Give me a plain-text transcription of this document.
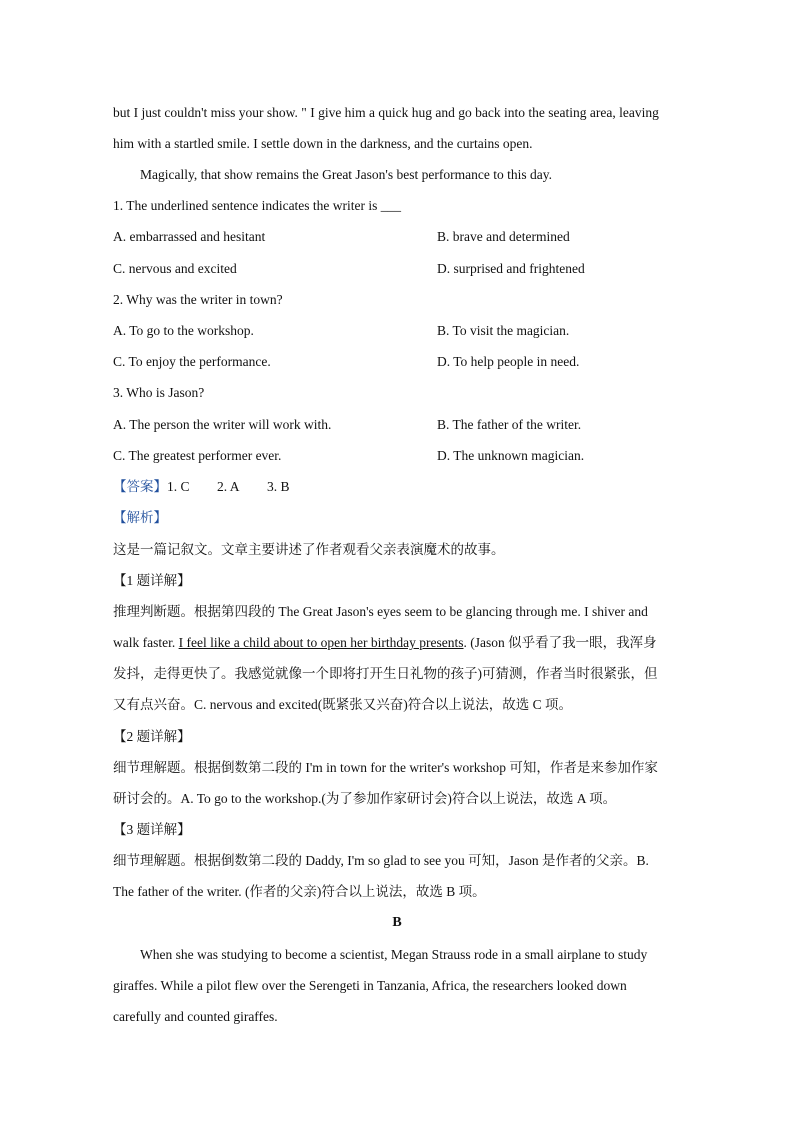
but I just couldn't miss your show. " I give him a quick hug and go back into the seating area, leaving
him with a startled smile. I settle down in the darkness, and the curtains open.
Magically, that show remains the Great Jason's best performance to this day.
1. The underlined sentence indicates the writer is ___
A. embarrassed and hesitant	B. brave and determined
C. nervous and excited	D. surprised and frightened
2. Why was the writer in town?
A. To go to the workshop.	B. To visit the magician.
C. To enjoy the performance.	D. To help people in need.
3. Who is Jason?
A. The person the writer will work with.	B. The father of the writer.
C. The greatest performer ever.	D. The unknown magician.
【答案】1. C 2. A 3. B
【解析】
这是一篇记叙文。文章主要讲述了作者观看父亲表演魔术的故事。
【1 题详解】
推理判断题。根据第四段的 The Great Jason's eyes seem to be glancing through me. I shiver and
walk faster. I feel like a child about to open her birthday presents. (Jason 似乎看了我一眼，我浑身
发抖，走得更快了。我感觉就像一个即将打开生日礼物的孩子)可猜测，作者当时很紧张，但
又有点兴奋。C. nervous and excited(既紧张又兴奋)符合以上说法，故选 C 项。
【2 题详解】
细节理解题。根据倒数第二段的 I'm in town for the writer's workshop 可知，作者是来参加作家
研讨会的。A. To go to the workshop.(为了参加作家研讨会)符合以上说法，故选 A 项。
【3 题详解】
细节理解题。根据倒数第二段的 Daddy, I'm so glad to see you 可知，Jason 是作者的父亲。B.
The father of the writer. (作者的父亲)符合以上说法，故选 B 项。
B
When she was studying to become a scientist, Megan Strauss rode in a small airplane to study
giraffes. While a pilot flew over the Serengeti in Tanzania, Africa, the researchers looked down
carefully and counted giraffes.
